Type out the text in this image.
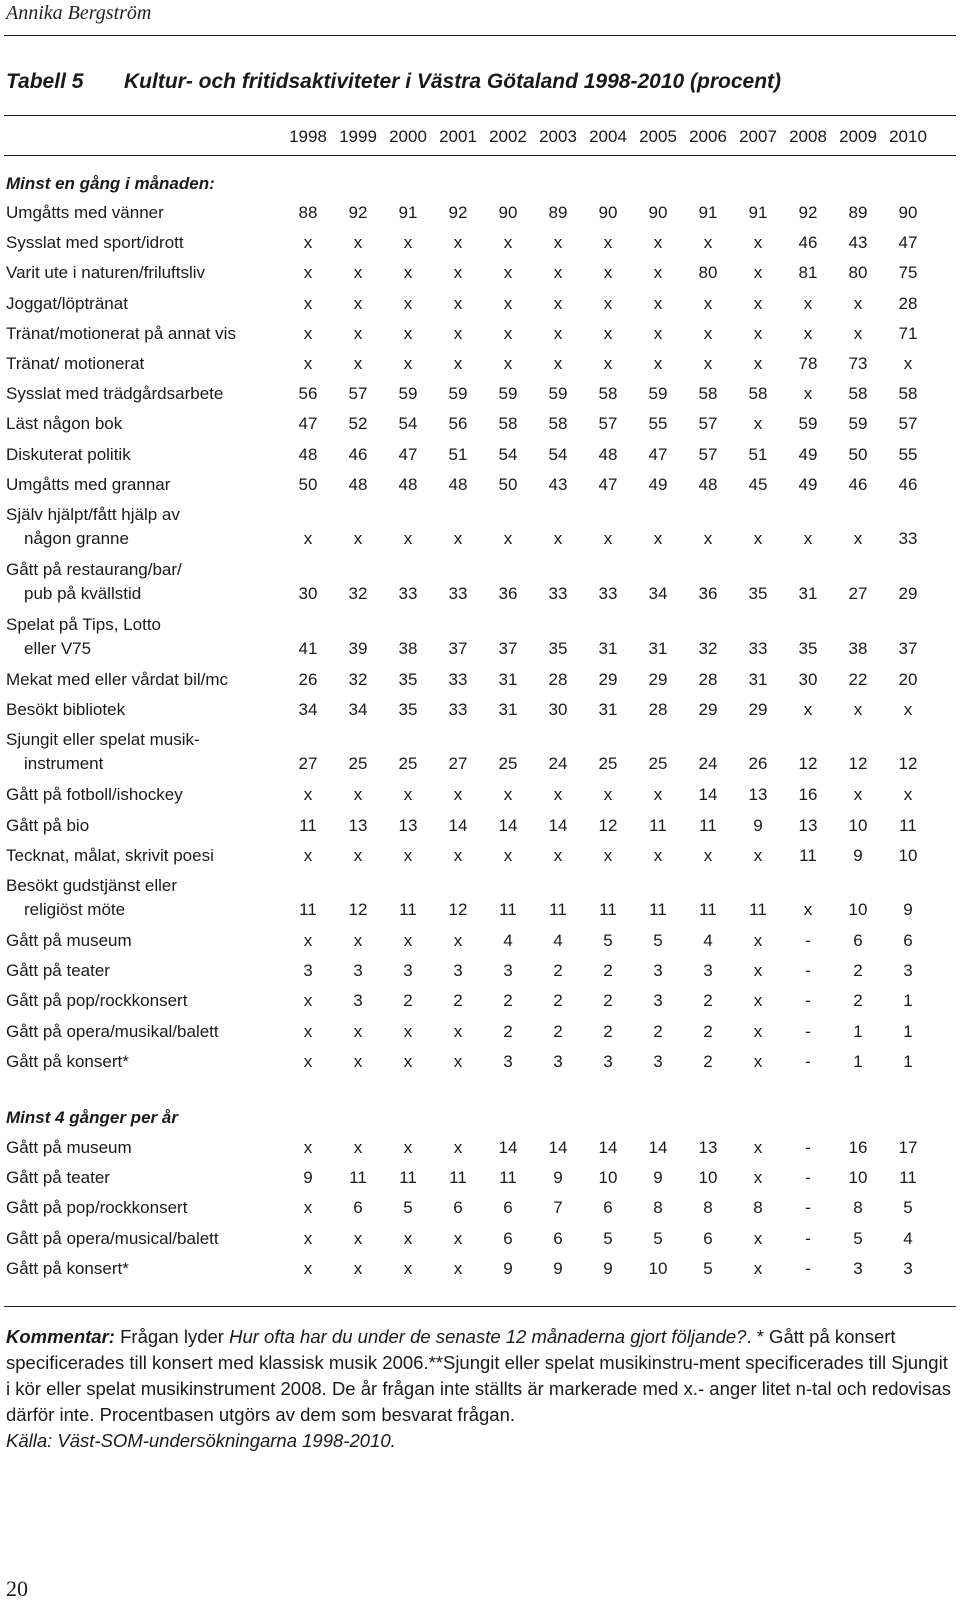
Annika Bergström
Tabell 5 Kultur- och fritidsaktiviteter i Västra Götaland 1998-2010 (procent)
1998 1999 2000 2001 2002 2003 2004 2005 2006 2007 2008 2009 2010
Minst en gång i månaden:
Umgåtts med vänner	88	92	91	92	90	89	90	90	91	91	92	89	90
Sysslat med sport/idrott	x	x	x	x	x	x	x	x	x	x	46	43	47
Varit ute i naturen/friluftsliv	x	x	x	x	x	x	x	x	80	x	81	80	75
Joggat/löptränat	x	x	x	x	x	x	x	x	x	x	x	x	28
Tränat/motionerat på annat vis	x	x	x	x	x	x	x	x	x	x	x	x	71
Tränat/ motionerat	x	x	x	x	x	x	x	x	x	x	78	73	x
Sysslat med trädgårdsarbete	56	57	59	59	59	59	58	59	58	58	x	58	58
Läst någon bok	47	52	54	56	58	58	57	55	57	x	59	59	57
Diskuterat politik	48	46	47	51	54	54	48	47	57	51	49	50	55
Umgåtts med grannar	50	48	48	48	50	43	47	49	48	45	49	46	46
Själv hjälpt/fått hjälp av
någon granne	x	x	x	x	x	x	x	x	x	x	x	x	33
Gått på restaurang/bar/
pub på kvällstid	30	32	33	33	36	33	33	34	36	35	31	27	29
Spelat på Tips, Lotto
eller V75	41	39	38	37	37	35	31	31	32	33	35	38	37
Mekat med eller vårdat bil/mc	26	32	35	33	31	28	29	29	28	31	30	22	20
Besökt bibliotek	34	34	35	33	31	30	31	28	29	29	x	x	x
Sjungit eller spelat musik-
instrument	27	25	25	27	25	24	25	25	24	26	12	12	12
Gått på fotboll/ishockey	x	x	x	x	x	x	x	x	14	13	16	x	x
Gått på bio	11	13	13	14	14	14	12	11	11	9	13	10	11
Tecknat, målat, skrivit poesi	x	x	x	x	x	x	x	x	x	x	11	9	10
Besökt gudstjänst eller
religiöst möte	11	12	11	12	11	11	11	11	11	11	x	10	9
Gått på museum	x	x	x	x	4	4	5	5	4	x	-	6	6
Gått på teater	3	3	3	3	3	2	2	3	3	x	-	2	3
Gått på pop/rockkonsert	x	3	2	2	2	2	2	3	2	x	-	2	1
Gått på opera/musikal/balett	x	x	x	x	2	2	2	2	2	x	-	1	1
Gått på konsert*	x	x	x	x	3	3	3	3	2	x	-	1	1
Minst 4 gånger per år
Gått på museum	x	x	x	x	14	14	14	14	13	x	-	16	17
Gått på teater	9	11	11	11	11	9	10	9	10	x	-	10	11
Gått på pop/rockkonsert	x	6	5	6	6	7	6	8	8	8	-	8	5
Gått på opera/musical/balett	x	x	x	x	6	6	5	5	6	x	-	5	4
Gått på konsert*	x	x	x	x	9	9	9	10	5	x	-	3	3
Kommentar: Frågan lyder Hur ofta har du under de senaste 12 månaderna gjort följande?. * Gått på konsert specificerades till konsert med klassisk musik 2006.**Sjungit eller spelat musikinstru-ment specificerades till Sjungit i kör eller spelat musikinstrument 2008. De år frågan inte ställts är markerade med x.- anger litet n-tal och redovisas därför inte. Procentbasen utgörs av dem som besvarat frågan.
Källa: Väst-SOM-undersökningarna 1998-2010.
20
